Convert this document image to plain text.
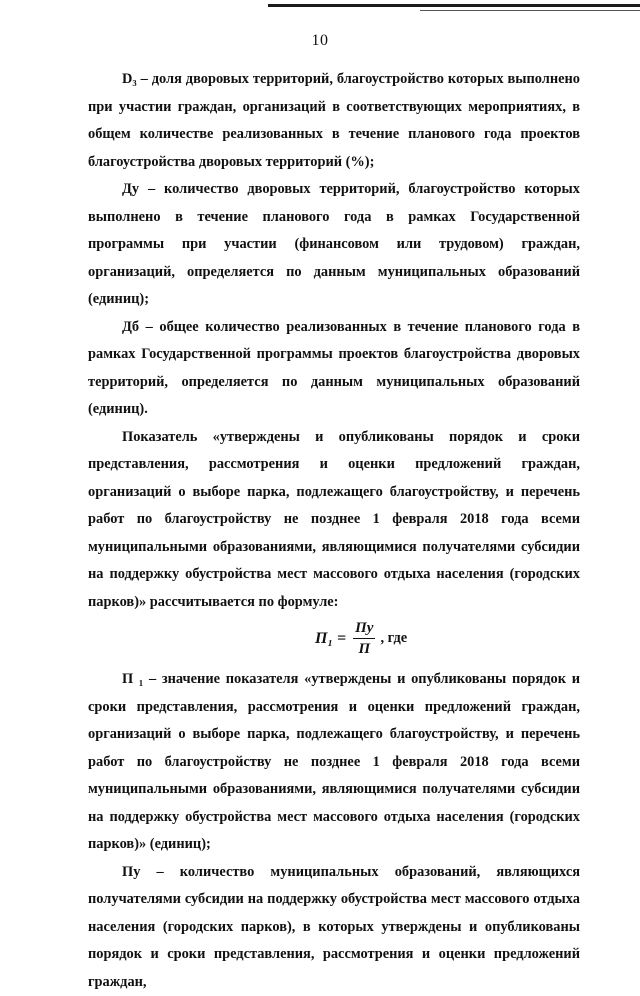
10

D₃ – доля дворовых территорий, благоустройство которых выполнено при участии граждан, организаций в соответствующих мероприятиях, в общем количестве реализованных в течение планового года проектов благоустройства дворовых территорий (%);

Ду – количество дворовых территорий, благоустройство которых выполнено в течение планового года в рамках Государственной программы при участии (финансовом или трудовом) граждан, организаций, определяется по данным муниципальных образований (единиц);

Дб – общее количество реализованных в течение планового года в рамках Государственной программы проектов благоустройства дворовых территорий, определяется по данным муниципальных образований (единиц).

Показатель «утверждены и опубликованы порядок и сроки представления, рассмотрения и оценки предложений граждан, организаций о выборе парка, подлежащего благоустройству, и перечень работ по благоустройству не позднее 1 февраля 2018 года всеми муниципальными образованиями, являющимися получателями субсидии на поддержку обустройства мест массового отдыха населения (городских парков)» рассчитывается по формуле:

$П_1 = \frac{Пу}{П}$ , где

П ₁ – значение показателя «утверждены и опубликованы порядок и сроки представления, рассмотрения и оценки предложений граждан, организаций о выборе парка, подлежащего благоустройству, и перечень работ по благоустройству не позднее 1 февраля 2018 года всеми муниципальными образованиями, являющимися получателями субсидии на поддержку обустройства мест массового отдыха населения (городских парков)» (единиц);

Пу – количество муниципальных образований, являющихся получателями субсидии на поддержку обустройства мест массового отдыха населения (городских парков), в которых утверждены и опубликованы порядок и сроки представления, рассмотрения и оценки предложений граждан,
